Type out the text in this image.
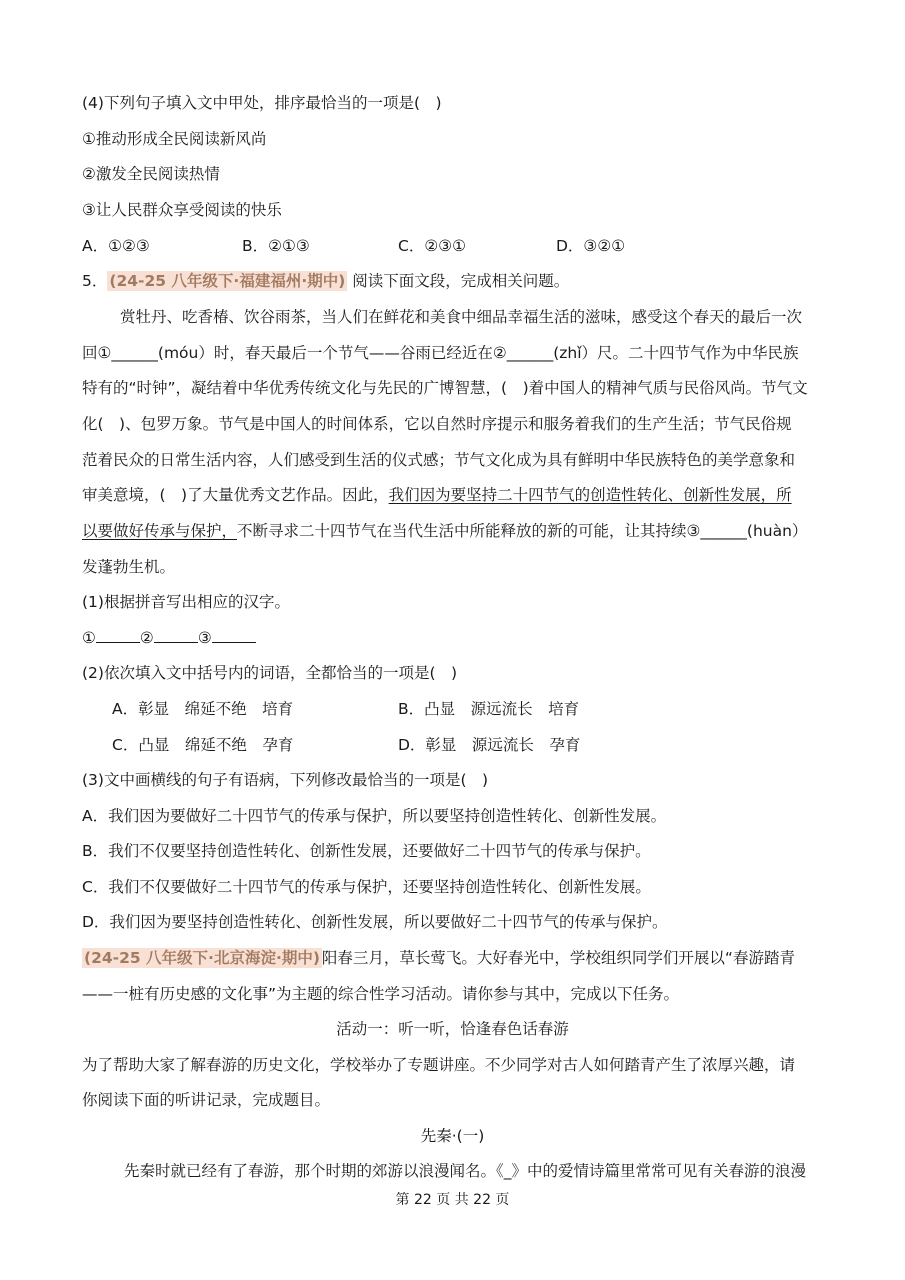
(4)下列句子填入文中甲处，排序最恰当的一项是(　)
①推动形成全民阅读新风尚
②激发全民阅读热情
③让人民群众享受阅读的快乐
A．①②③	B．②①③	C．②③①	D．③②①
5． (24-25 八年级下·福建福州·期中) 阅读下面文段，完成相关问题。
赏牡丹、吃香椿、饮谷雨茶，当人们在鲜花和美食中细品幸福生活的滋味，感受这个春天的最后一次
回①______(móu）时，春天最后一个节气——谷雨已经近在②______(zhǐ）尺。二十四节气作为中华民族
特有的“时钟”，凝结着中华优秀传统文化与先民的广博智慧，(　)着中国人的精神气质与民俗风尚。节气文
化(　)、包罗万象。节气是中国人的时间体系，它以自然时序提示和服务着我们的生产生活；节气民俗规
范着民众的日常生活内容，人们感受到生活的仪式感；节气文化成为具有鲜明中华民族特色的美学意象和
审美意境，(　)了大量优秀文艺作品。因此，我们因为要坚持二十四节气的创造性转化、创新性发展，所
以要做好传承与保护，不断寻求二十四节气在当代生活中所能释放的新的可能，让其持续③______(huàn）
发蓬勃生机。
(1)根据拼音写出相应的汉字。
①	②	③
(2)依次填入文中括号内的词语，全都恰当的一项是(　)
A．彰显　绵延不绝　培育	B．凸显　源远流长　培育
C．凸显　绵延不绝　孕育	D．彰显　源远流长　孕育
(3)文中画横线的句子有语病，下列修改最恰当的一项是(　)
A．我们因为要做好二十四节气的传承与保护，所以要坚持创造性转化、创新性发展。
B．我们不仅要坚持创造性转化、创新性发展，还要做好二十四节气的传承与保护。
C．我们不仅要做好二十四节气的传承与保护，还要坚持创造性转化、创新性发展。
D．我们因为要坚持创造性转化、创新性发展，所以要做好二十四节气的传承与保护。
(24-25 八年级下·北京海淀·期中) 阳春三月，草长莺飞。大好春光中，学校组织同学们开展以“春游踏青
——一桩有历史感的文化事”为主题的综合性学习活动。请你参与其中，完成以下任务。
活动一：听一听，恰逢春色话春游
为了帮助大家了解春游的历史文化，学校举办了专题讲座。不少同学对古人如何踏青产生了浓厚兴趣，请
你阅读下面的听讲记录，完成题目。
先秦·(一)
先秦时就已经有了春游，那个时期的郊游以浪漫闻名。《_》中的爱情诗篇里常常可见有关春游的浪漫
第 22 页 共 22 页
